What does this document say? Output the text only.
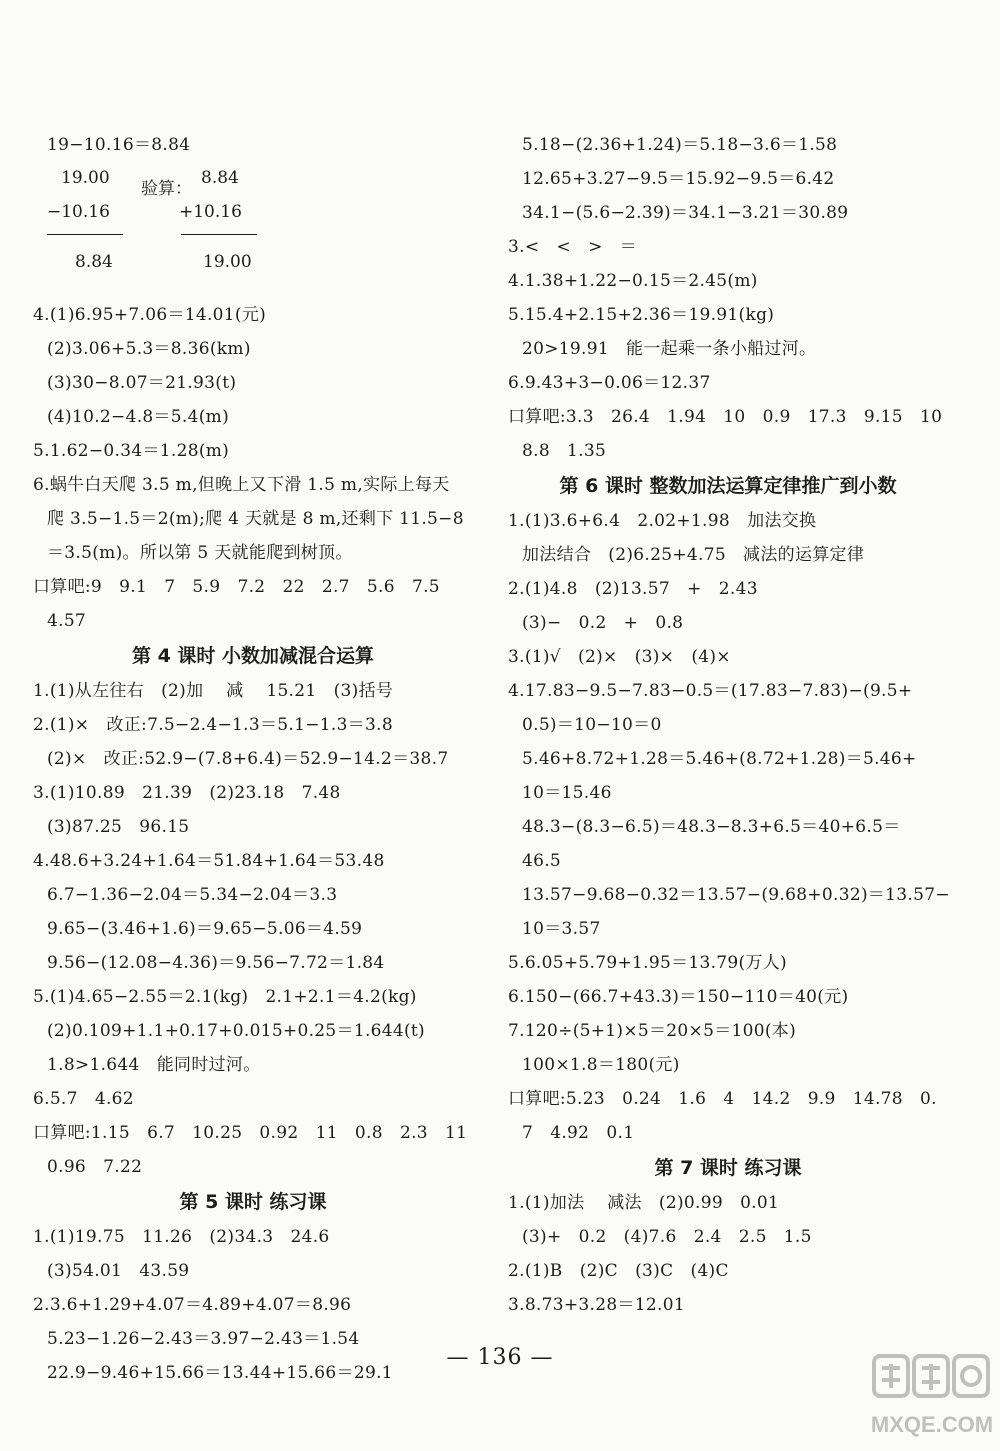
19−10.16＝8.84
19.00
验算：
8.84
−10.16	+10.16
8.84	19.00
4.(1)6.95+7.06＝14.01(元)
(2)3.06+5.3＝8.36(km)
(3)30−8.07＝21.93(t)
(4)10.2−4.8＝5.4(m)
5.1.62−0.34＝1.28(m)
6.蜗牛白天爬 3.5 m,但晚上又下滑 1.5 m,实际上每天
爬 3.5−1.5＝2(m);爬 4 天就是 8 m,还剩下 11.5−8
＝3.5(m)。所以第 5 天就能爬到树顶。
口算吧:9   9.1   7   5.9   7.2   22   2.7   5.6   7.5
4.57
第 4 课时 小数加减混合运算
1.(1)从左往右   (2)加    减    15.21   (3)括号
2.(1)×   改正:7.5−2.4−1.3＝5.1−1.3＝3.8
(2)×   改正:52.9−(7.8+6.4)＝52.9−14.2＝38.7
3.(1)10.89   21.39   (2)23.18   7.48
(3)87.25   96.15
4.48.6+3.24+1.64＝51.84+1.64＝53.48
6.7−1.36−2.04＝5.34−2.04＝3.3
9.65−(3.46+1.6)＝9.65−5.06＝4.59
9.56−(12.08−4.36)＝9.56−7.72＝1.84
5.(1)4.65−2.55＝2.1(kg)   2.1+2.1＝4.2(kg)
(2)0.109+1.1+0.17+0.015+0.25＝1.644(t)
1.8>1.644   能同时过河。
6.5.7   4.62
口算吧:1.15   6.7   10.25   0.92   11   0.8   2.3   11
0.96   7.22
第 5 课时 练习课
1.(1)19.75   11.26   (2)34.3   24.6
(3)54.01   43.59
2.3.6+1.29+4.07＝4.89+4.07＝8.96
5.23−1.26−2.43＝3.97−2.43＝1.54
22.9−9.46+15.66＝13.44+15.66＝29.1
5.18−(2.36+1.24)＝5.18−3.6＝1.58
12.65+3.27−9.5＝15.92−9.5＝6.42
34.1−(5.6−2.39)＝34.1−3.21＝30.89
3.<   <   >   ＝
4.1.38+1.22−0.15＝2.45(m)
5.15.4+2.15+2.36＝19.91(kg)
20>19.91   能一起乘一条小船过河。
6.9.43+3−0.06＝12.37
口算吧:3.3   26.4   1.94   10   0.9   17.3   9.15   10
8.8   1.35
第 6 课时 整数加法运算定律推广到小数
1.(1)3.6+6.4   2.02+1.98   加法交换
加法结合   (2)6.25+4.75   减法的运算定律
2.(1)4.8   (2)13.57   +   2.43
(3)−   0.2   +   0.8
3.(1)√   (2)×   (3)×   (4)×
4.17.83−9.5−7.83−0.5＝(17.83−7.83)−(9.5+
0.5)＝10−10＝0
5.46+8.72+1.28＝5.46+(8.72+1.28)＝5.46+
10＝15.46
48.3−(8.3−6.5)＝48.3−8.3+6.5＝40+6.5＝
46.5
13.57−9.68−0.32＝13.57−(9.68+0.32)＝13.57−
10＝3.57
5.6.05+5.79+1.95＝13.79(万人)
6.150−(66.7+43.3)＝150−110＝40(元)
7.120÷(5+1)×5＝20×5＝100(本)
100×1.8＝180(元)
口算吧:5.23   0.24   1.6   4   14.2   9.9   14.78   0.
7   4.92   0.1
第 7 课时 练习课
1.(1)加法    减法   (2)0.99   0.01
(3)+   0.2   (4)7.6   2.4   2.5   1.5
2.(1)B   (2)C   (3)C   (4)C
3.8.73+3.28＝12.01
— 136 —
MXQE.COM
